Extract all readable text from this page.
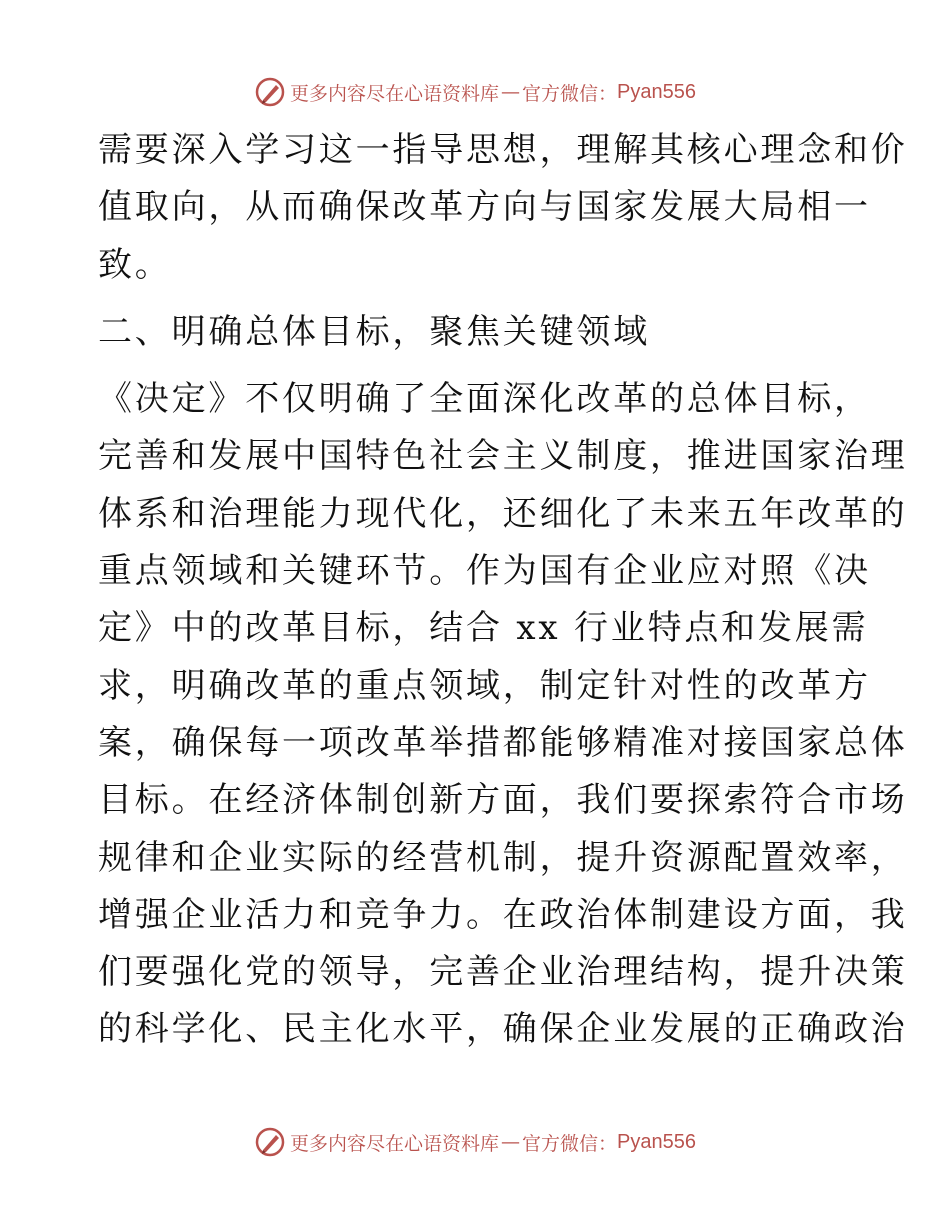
更多内容尽在心语资料库 — 官方微信： Pyan556
需要深入学习这一指导思想，理解其核心理念和价
值取向，从而确保改革方向与国家发展大局相一
致。
二、明确总体目标，聚焦关键领域
《决定》不仅明确了全面深化改革的总体目标，
完善和发展中国特色社会主义制度，推进国家治理
体系和治理能力现代化，还细化了未来五年改革的
重点领域和关键环节。作为国有企业应对照《决
定》中的改革目标，结合 xx 行业特点和发展需
求，明确改革的重点领域，制定针对性的改革方
案，确保每一项改革举措都能够精准对接国家总体
目标。在经济体制创新方面，我们要探索符合市场
规律和企业实际的经营机制，提升资源配置效率，
增强企业活力和竞争力。在政治体制建设方面，我
们要强化党的领导，完善企业治理结构，提升决策
的科学化、民主化水平，确保企业发展的正确政治
更多内容尽在心语资料库 — 官方微信： Pyan556
